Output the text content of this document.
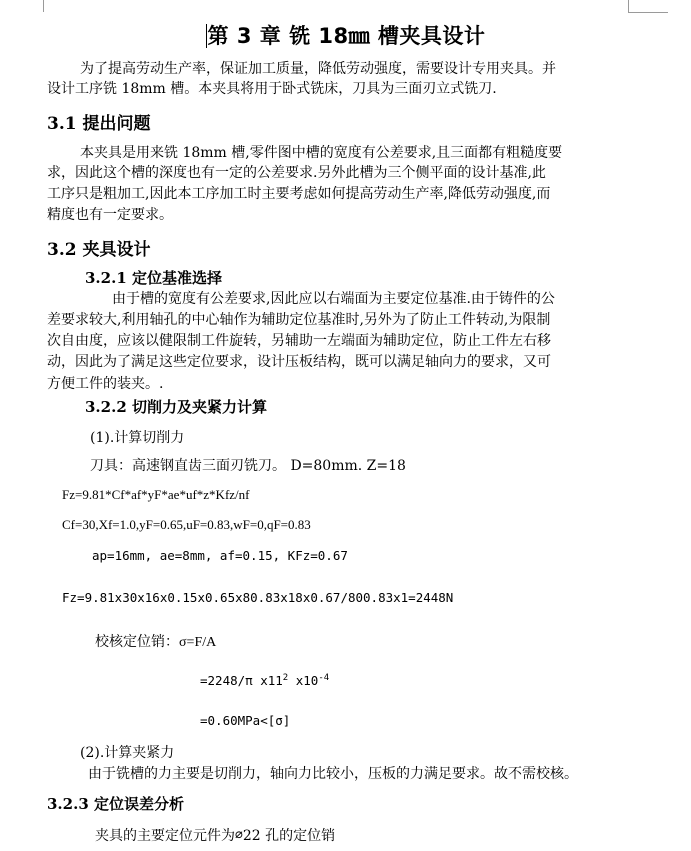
第 3 章 铣 18㎜ 槽夹具设计
为了提高劳动生产率，保证加工质量，降低劳动强度，需要设计专用夹具。并
设计工序铣 18mm 槽。本夹具将用于卧式铣床，刀具为三面刃立式铣刀.
3.1 提出问题
本夹具是用来铣 18mm 槽,零件图中槽的宽度有公差要求,且三面都有粗糙度要
求，因此这个槽的深度也有一定的公差要求.另外此槽为三个侧平面的设计基准,此
工序只是粗加工,因此本工序加工时主要考虑如何提高劳动生产率,降低劳动强度,而
精度也有一定要求。
3.2 夹具设计
3.2.1 定位基准选择
由于槽的宽度有公差要求,因此应以右端面为主要定位基准.由于铸件的公
差要求较大,利用轴孔的中心轴作为辅助定位基准时,另外为了防止工件转动,为限制
次自由度，应该以健限制工件旋转，另辅助一左端面为辅助定位，防止工件左右移
动，因此为了满足这些定位要求，设计压板结构，既可以满足轴向力的要求，又可
方便工件的装夹。.
3.2.2 切削力及夹紧力计算
(1).计算切削力
刀具：高速钢直齿三面刃铣刀。 D=80mm. Z=18
Fz=9.81*Cf*af*yF*ae*uf*z*Kfz/nf
Cf=30,Xf=1.0,yF=0.65,uF=0.83,wF=0,qF=0.83
ap=16mm, ae=8mm, af=0.15, KFz=0.67
Fz=9.81x30x16x0.15x0.65x80.83x18x0.67/800.83x1=2448N
校核定位销：σ=F/A
=2248/π $x11^2$ $x10^{-4}$
=0.60MPa<[σ]
(2).计算夹紧力
由于铣槽的力主要是切削力，轴向力比较小，压板的力满足要求。故不需校核。
3.2.3 定位误差分析
夹具的主要定位元件为⌀22 孔的定位销
